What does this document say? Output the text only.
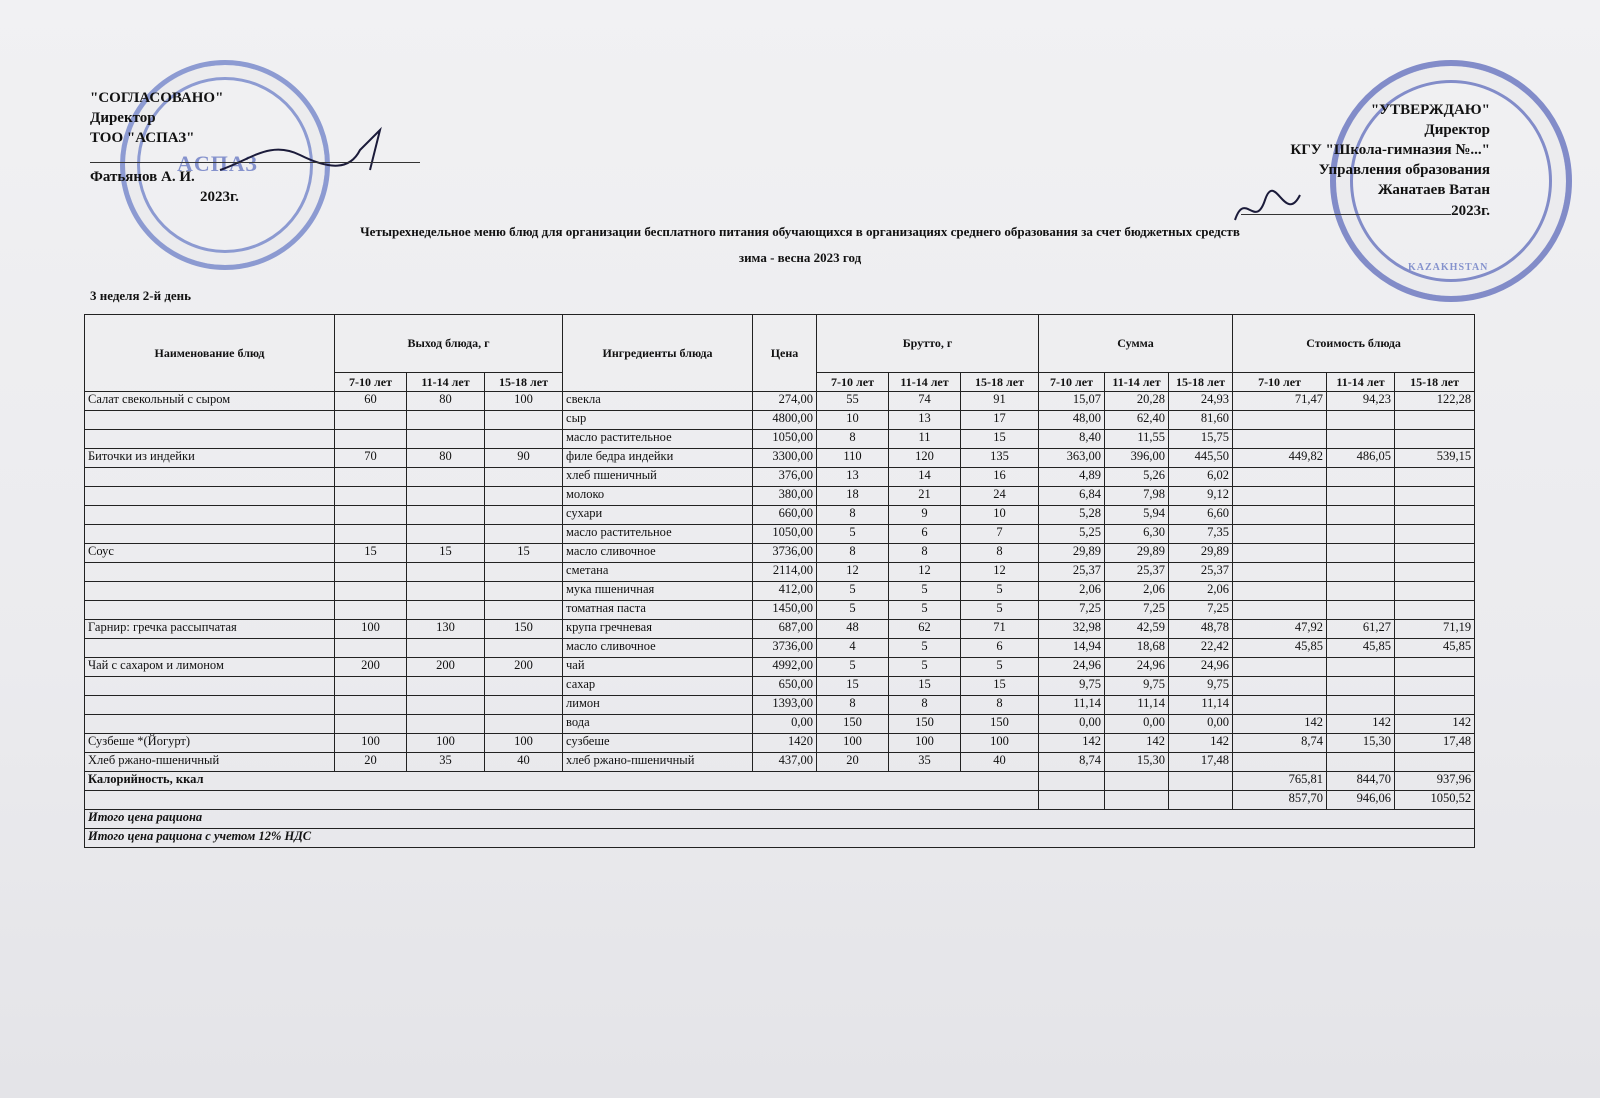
ACПАЗ
KAZAKHSTAN
"СОГЛАСОВАНО"
Директор
ТОО "АСПАЗ"
Фатьянов А. И.
2023г.
"УТВЕРЖДАЮ"
Директор
КГУ "Школа-гимназия №..."
Управления образования
Жанатаев Ватан
2023г.
Четырехнедельное меню блюд для организации бесплатного питания обучающихся в организациях среднего образования за счет бюджетных средств
зима - весна 2023 год
3 неделя 2-й день
Наименование блюд	Выход блюда, г			Ингредиенты блюда	Цена	Брутто, г			Сумма			Стоимость блюда		
	7-10 лет	11-14 лет	15-18 лет			7-10 лет	11-14 лет	15-18 лет	7-10 лет	11-14 лет	15-18 лет	7-10 лет	11-14 лет	15-18 лет
Салат свекольный с сыром	60	80	100	свекла	274,00	55	74	91	15,07	20,28	24,93	71,47	94,23	122,28
				сыр	4800,00	10	13	17	48,00	62,40	81,60			
				масло растительное	1050,00	8	11	15	8,40	11,55	15,75			
Биточки из индейки	70	80	90	филе бедра индейки	3300,00	110	120	135	363,00	396,00	445,50	449,82	486,05	539,15
				хлеб пшеничный	376,00	13	14	16	4,89	5,26	6,02			
				молоко	380,00	18	21	24	6,84	7,98	9,12			
				сухари	660,00	8	9	10	5,28	5,94	6,60			
				масло растительное	1050,00	5	6	7	5,25	6,30	7,35			
Соус	15	15	15	масло сливочное	3736,00	8	8	8	29,89	29,89	29,89			
				сметана	2114,00	12	12	12	25,37	25,37	25,37			
				мука пшеничная	412,00	5	5	5	2,06	2,06	2,06			
				томатная паста	1450,00	5	5	5	7,25	7,25	7,25			
Гарнир: гречка рассыпчатая	100	130	150	крупа гречневая	687,00	48	62	71	32,98	42,59	48,78	47,92	61,27	71,19
				масло сливочное	3736,00	4	5	6	14,94	18,68	22,42	45,85	45,85	45,85
Чай с сахаром и лимоном	200	200	200	чай	4992,00	5	5	5	24,96	24,96	24,96			
				сахар	650,00	15	15	15	9,75	9,75	9,75			
				лимон	1393,00	8	8	8	11,14	11,14	11,14			
				вода	0,00	150	150	150	0,00	0,00	0,00	142	142	142
Сузбеше *(Йогурт)	100	100	100	сузбеше	1420	100	100	100	142	142	142	8,74	15,30	17,48
Хлеб ржано-пшеничный	20	35	40	хлеб ржано-пшеничный	437,00	20	35	40	8,74	15,30	17,48			
Калорийность, ккал												765,81	844,70	937,96
												857,70	946,06	1050,52
Итого цена рациона														
Итого цена рациона с учетом 12% НДС														
